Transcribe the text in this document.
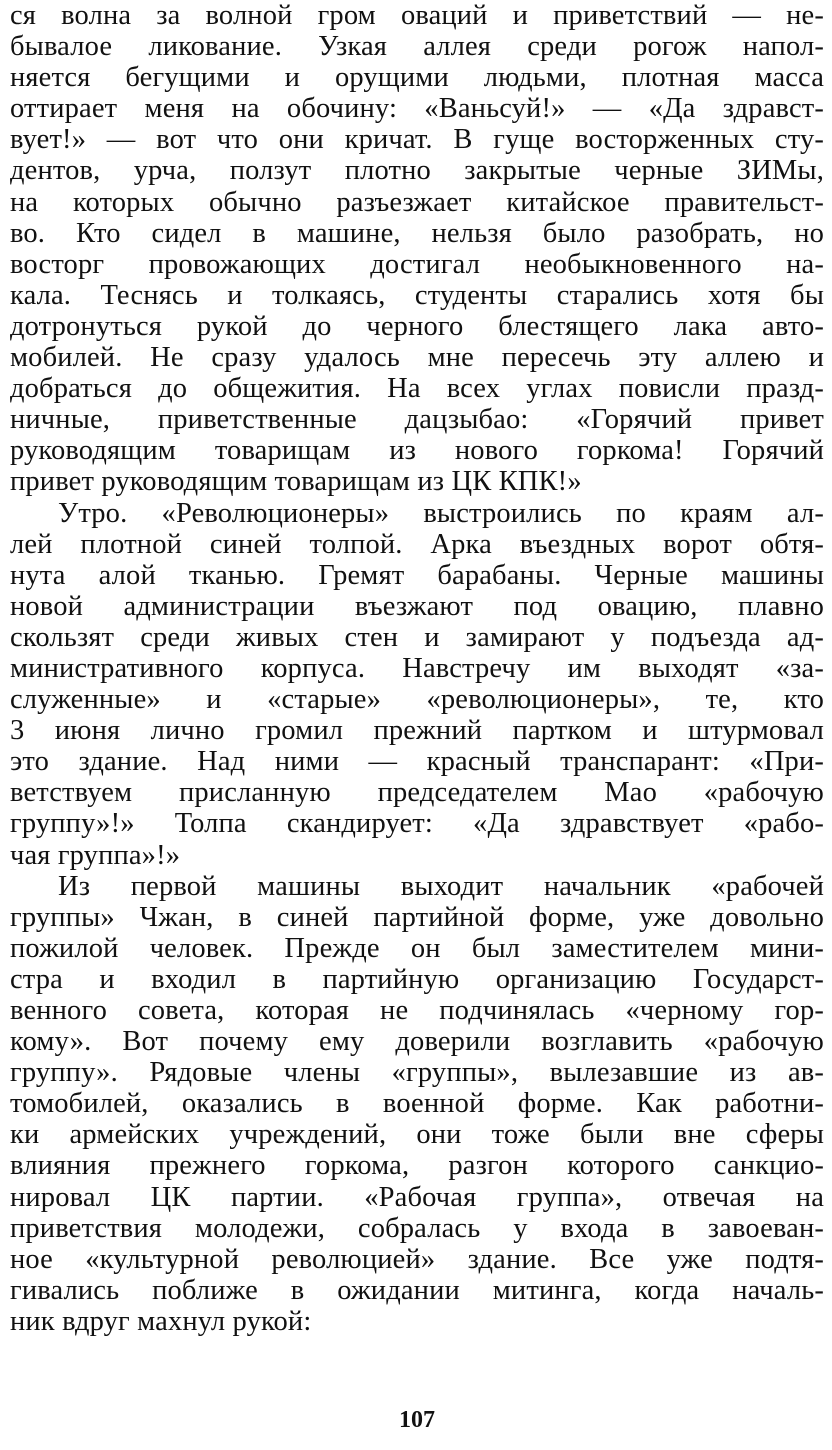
ся волна за волной гром оваций и приветствий — не-
бывалое ликование. Узкая аллея среди рогож напол-
няется бегущими и орущими людьми, плотная масса
оттирает меня на обочину: «Ваньсуй!» — «Да здравст-
вует!» — вот что они кричат. В гуще восторженных сту-
дентов, урча, ползут плотно закрытые черные ЗИМы,
на которых обычно разъезжает китайское правительст-
во. Кто сидел в машине, нельзя было разобрать, но
восторг провожающих достигал необыкновенного на-
кала. Теснясь и толкаясь, студенты старались хотя бы
дотронуться рукой до черного блестящего лака авто-
мобилей. Не сразу удалось мне пересечь эту аллею и
добраться до общежития. На всех углах повисли празд-
ничные, приветственные дацзыбао: «Горячий привет
руководящим товарищам из нового горкома! Горячий
привет руководящим товарищам из ЦК КПК!»
Утро. «Революционеры» выстроились по краям ал-
лей плотной синей толпой. Арка въездных ворот обтя-
нута алой тканью. Гремят барабаны. Черные машины
новой администрации въезжают под овацию, плавно
скользят среди живых стен и замирают у подъезда ад-
министративного корпуса. Навстречу им выходят «за-
служенные» и «старые» «революционеры», те, кто
3 июня лично громил прежний партком и штурмовал
это здание. Над ними — красный транспарант: «При-
ветствуем присланную председателем Мао «рабочую
группу»!» Толпа скандирует: «Да здравствует «рабо-
чая группа»!»
Из первой машины выходит начальник «рабочей
группы» Чжан, в синей партийной форме, уже довольно
пожилой человек. Прежде он был заместителем мини-
стра и входил в партийную организацию Государст-
венного совета, которая не подчинялась «черному гор-
кому». Вот почему ему доверили возглавить «рабочую
группу». Рядовые члены «группы», вылезавшие из ав-
томобилей, оказались в военной форме. Как работни-
ки армейских учреждений, они тоже были вне сферы
влияния прежнего горкома, разгон которого санкцио-
нировал ЦК партии. «Рабочая группа», отвечая на
приветствия молодежи, собралась у входа в завоеван-
ное «культурной революцией» здание. Все уже подтя-
гивались поближе в ожидании митинга, когда началь-
ник вдруг махнул рукой:
107
